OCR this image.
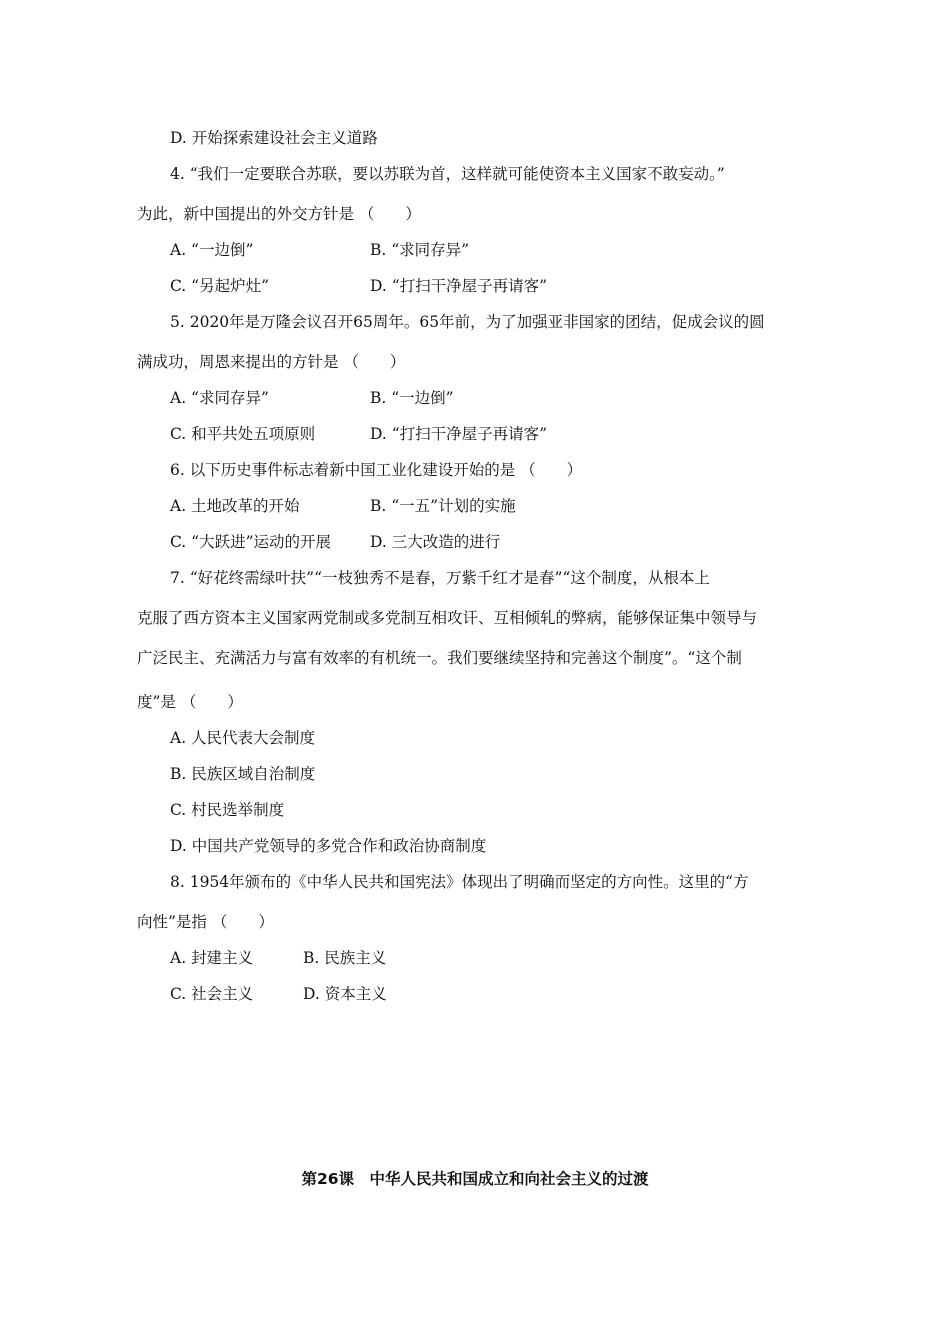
D. 开始探索建设社会主义道路
4. “我们一定要联合苏联，要以苏联为首，这样就可能使资本主义国家不敢妄动。”
为此，新中国提出的外交方针是 （　　）
A. “一边倒”	B. “求同存异”
C. “另起炉灶”	D. “打扫干净屋子再请客”
5. 2020年是万隆会议召开65周年。65年前，为了加强亚非国家的团结，促成会议的圆
满成功，周恩来提出的方针是 （　　）
A. “求同存异”	B. “一边倒”
C. 和平共处五项原则	D. “打扫干净屋子再请客”
6. 以下历史事件标志着新中国工业化建设开始的是 （　　）
A. 土地改革的开始	B. “一五”计划的实施
C. “大跃进”运动的开展	D. 三大改造的进行
7. “好花终需绿叶扶”“一枝独秀不是春，万紫千红才是春”“这个制度，从根本上
克服了西方资本主义国家两党制或多党制互相攻讦、互相倾轧的弊病，能够保证集中领导与
广泛民主、充满活力与富有效率的有机统一。我们要继续坚持和完善这个制度”。“这个制
度”是 （　　）
A. 人民代表大会制度
B. 民族区域自治制度
C. 村民选举制度
D. 中国共产党领导的多党合作和政治协商制度
8. 1954年颁布的《中华人民共和国宪法》体现出了明确而坚定的方向性。这里的“方
向性”是指 （　　）
A. 封建主义	B. 民族主义
C. 社会主义	D. 资本主义
第26课　中华人民共和国成立和向社会主义的过渡
